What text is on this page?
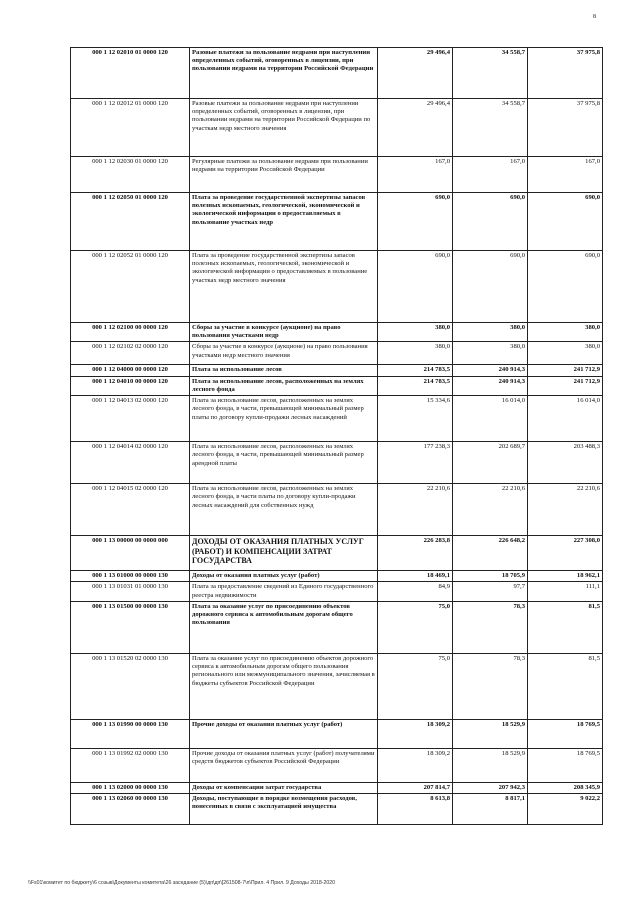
8
000 1 12 02010 01 0000 120	Разовые платежи за пользование недрами при наступлении определенных событий, оговоренных в лицензии, при пользовании недрами на территории Российской Федерации	29 496,4	34 558,7	37 975,8
000 1 12 02012 01 0000 120	Разовые платежи за пользование недрами при наступлении определенных событий, оговоренных в лицензии, при пользовании недрами на территории Российской Федерации по участкам недр местного значения	29 496,4	34 558,7	37 975,8
000 1 12 02030 01 0000 120	Регулярные платежи за пользование недрами при пользовании недрами на территории Российской Федерации	167,0	167,0	167,0
000 1 12 02050 01 0000 120	Плата за проведение государственной экспертизы запасов полезных ископаемых, геологической, экономической и экологической информации о предоставляемых в пользование участках недр	690,0	690,0	690,0
000 1 12 02052 01 0000 120	Плата за проведение государственной экспертизы запасов полезных ископаемых, геологической, экономической и экологической информации о предоставляемых в пользование участках недр местного значения	690,0	690,0	690,0
000 1 12 02100 00 0000 120	Сборы за участие в конкурсе (аукционе) на право пользования участками недр	380,0	380,0	380,0
000 1 12 02102 02 0000 120	Сборы за участие в конкурсе (аукционе) на право пользования участками недр местного значения	380,0	380,0	380,0
000 1 12 04000 00 0000 120	Плата за использование лесов	214 783,5	240 914,3	241 712,9
000 1 12 04010 00 0000 120	Плата за использование лесов, расположенных на землях лесного фонда	214 783,5	240 914,3	241 712,9
000 1 12 04013 02 0000 120	Плата за использование лесов, расположенных на землях лесного фонда, в части, превышающей минимальный размер платы по договору купли-продажи лесных насаждений	15 334,6	16 014,0	16 014,0
000 1 12 04014 02 0000 120	Плата за использование лесов, расположенных на землях лесного фонда, в части, превышающей минимальный размер арендной платы	177 238,3	202 689,7	203 488,3
000 1 12 04015 02 0000 120	Плата за использование лесов, расположенных на землях лесного фонда, в части платы по договору купли-продажи лесных насаждений для собственных нужд	22 210,6	22 210,6	22 210,6
000 1 13 00000 00 0000 000	ДОХОДЫ ОТ ОКАЗАНИЯ ПЛАТНЫХ УСЛУГ (РАБОТ) И КОМПЕНСАЦИИ ЗАТРАТ ГОСУДАРСТВА	226 283,8	226 648,2	227 308,0
000 1 13 01000 00 0000 130	Доходы от оказания платных услуг (работ)	18 469,1	18 705,9	18 962,1
000 1 13 01031 01 0000 130	Плата за предоставление сведений из Единого государственного реестра недвижимости	84,9	97,7	111,1
000 1 13 01500 00 0000 130	Плата за оказание услуг по присоединению объектов дорожного сервиса к автомобильным дорогам общего пользования	75,0	78,3	81,5
000 1 13 01520 02 0000 130	Плата за оказание услуг по присоединению объектов дорожного сервиса к автомобильным дорогам общего пользования регионального или межмуниципального значения, зачисляемая в бюджеты субъектов Российской Федерации	75,0	78,3	81,5
000 1 13 01990 00 0000 130	Прочие доходы от оказания платных услуг (работ)	18 309,2	18 529,9	18 769,5
000 1 13 01992 02 0000 130	Прочие доходы от оказания платных услуг (работ) получателями средств бюджетов субъектов Российской Федерации	18 309,2	18 529,9	18 769,5
000 1 13 02000 00 0000 130	Доходы от компенсации затрат государства	207 814,7	207 942,3	208 345,9
000 1 13 02060 00 0000 130	Доходы, поступающие в порядке возмещения расходов, понесенных в связи с эксплуатацией имущества	8 613,8	8 817,1	9 022,2
\\Fs01\комитет по бюджету\6 созыв\Документы комитета\26 заседание (5)\дп\дп\[261508-7\п\Прил. 4 Прил. 9 Доходы 2018-2020
